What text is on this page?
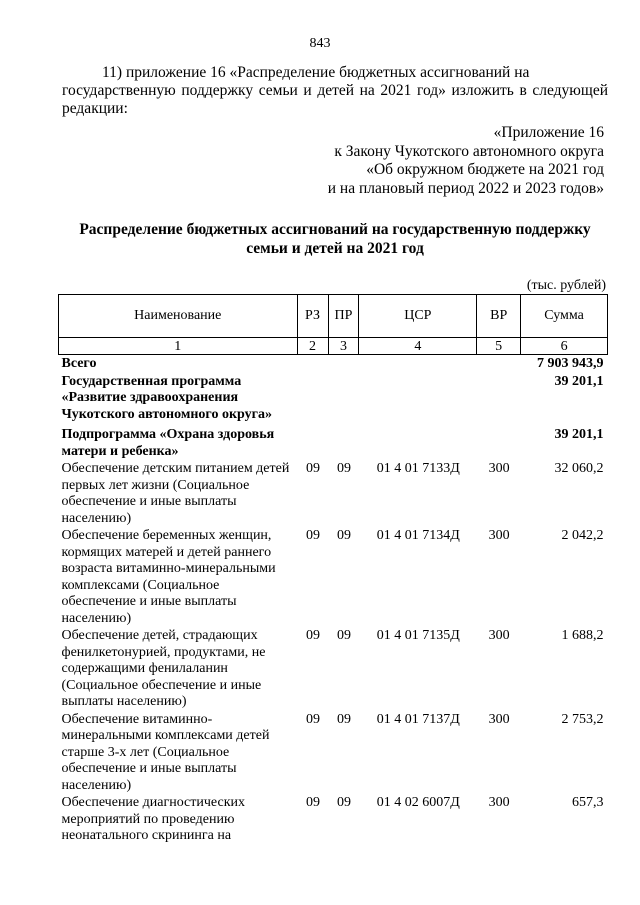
843
11) приложение 16 «Распределение бюджетных ассигнований на
государственную поддержку семьи и детей на 2021 год» изложить в следующей редакции:
«Приложение 16
к Закону Чукотского автономного округа
«Об окружном бюджете на 2021 год
и на плановый период 2022 и 2023 годов»
Распределение бюджетных ассигнований на государственную поддержку
семьи и детей на 2021 год
(тыс. рублей)
Наименование	РЗ	ПР	ЦСР	ВР	Сумма
1	2	3	4	5	6
Всего					7 903 943,9
Государственная программа «Развитие здравоохранения Чукотского автономного округа»					39 201,1
Подпрограмма «Охрана здоровья матери и ребенка»					39 201,1
Обеспечение детским питанием детей первых лет жизни (Социальное обеспечение и иные выплаты населению)	09	09	01 4 01 7133Д	300	32 060,2
Обеспечение беременных женщин, кормящих матерей и детей раннего возраста витаминно-минеральными комплексами (Социальное обеспечение и иные выплаты населению)	09	09	01 4 01 7134Д	300	2 042,2
Обеспечение детей, страдающих фенилкетонурией, продуктами, не содержащими фенилаланин (Социальное обеспечение и иные выплаты населению)	09	09	01 4 01 7135Д	300	1 688,2
Обеспечение витаминно-минеральными комплексами детей старше 3-х лет (Социальное обеспечение и иные выплаты населению)	09	09	01 4 01 7137Д	300	2 753,2
Обеспечение диагностических мероприятий по проведению неонатального скрининга на	09	09	01 4 02 6007Д	300	657,3
